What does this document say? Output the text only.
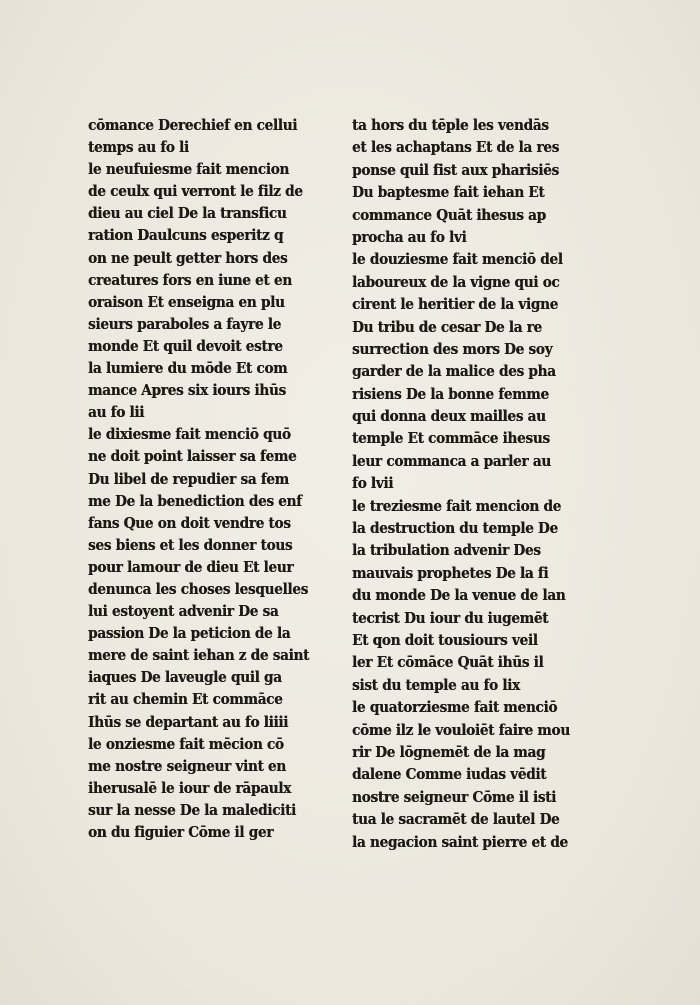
cōmance Derechief en cellui
temps au fo li
le neufuiesme fait mencion
de ceulx qui verront le filz de
dieu au ciel De la transficu
ration Daulcuns esperitz q
on ne peult getter hors des
creatures fors en iune et en
oraison Et enseigna en plu
sieurs paraboles a fayre le
monde Et quil devoit estre
la lumiere du mōde Et com
mance Apres six iours ihūs
au fo lii
le dixiesme fait menciō quō
ne doit point laisser sa feme
Du libel de repudier sa fem
me De la benediction des enf
fans Que on doit vendre tos
ses biens et les donner tous
pour lamour de dieu Et leur
denunca les choses lesquelles
lui estoyent advenir De sa
passion De la peticion de la
mere de saint iehan z de saint
iaques De laveugle quil ga
rit au chemin Et commāce
Ihūs se departant au fo liiii
le onziesme fait mēcion cō
me nostre seigneur vint en
iherusalē le iour de rāpaulx
sur la nesse De la malediciti
on du figuier Cōme il ger
ta hors du tēple les vendās
et les achaptans Et de la res
ponse quil fist aux pharisiēs
Du baptesme fait iehan Et
commance Quāt ihesus ap
procha au fo lvi
le douziesme fait menciō del
laboureux de la vigne qui oc
cirent le heritier de la vigne
Du tribu de cesar De la re
surrection des mors De soy
garder de la malice des pha
risiens De la bonne femme
qui donna deux mailles au
temple Et commāce ihesus
leur commanca a parler au
fo lvii
le treziesme fait mencion de
la destruction du temple De
la tribulation advenir Des
mauvais prophetes De la fi
du monde De la venue de lan
tecrist Du iour du iugemēt
Et qon doit tousiours veil
ler Et cōmāce Quāt ihūs il
sist du temple au fo lix
le quatorziesme fait menciō
cōme ilz le vouloiēt faire mou
rir De lōgnemēt de la mag
dalene Comme iudas vēdit
nostre seigneur Cōme il isti
tua le sacramēt de lautel De
la negacion saint pierre et de
